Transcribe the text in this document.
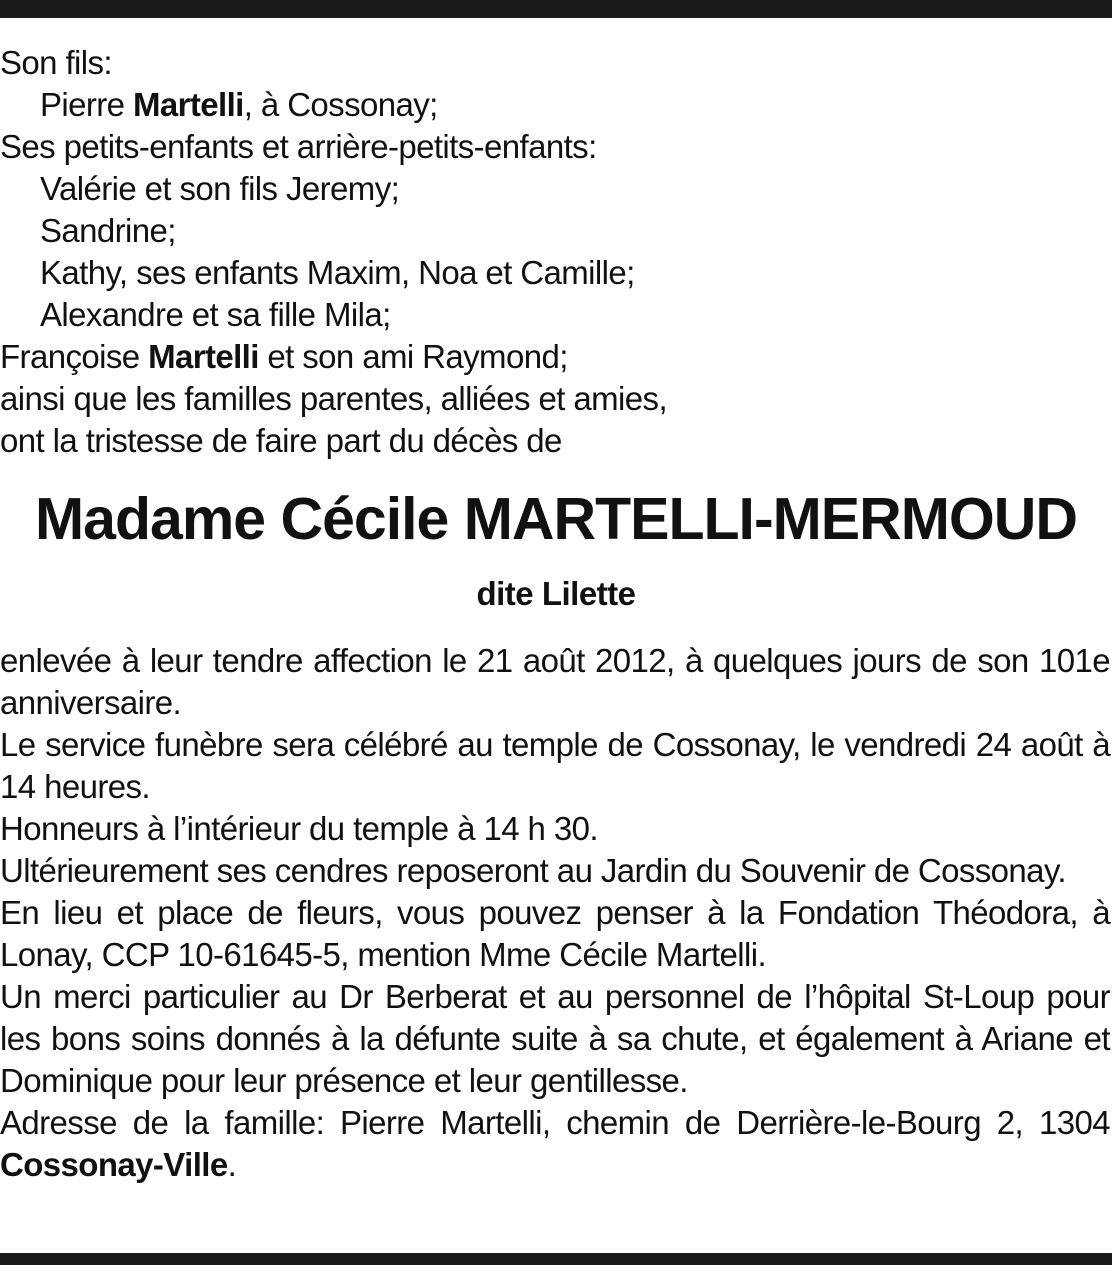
Son fils:
Pierre Martelli, à Cossonay;
Ses petits-enfants et arrière-petits-enfants:
Valérie et son fils Jeremy;
Sandrine;
Kathy, ses enfants Maxim, Noa et Camille;
Alexandre et sa fille Mila;
Françoise Martelli et son ami Raymond;
ainsi que les familles parentes, alliées et amies,
ont la tristesse de faire part du décès de
Madame Cécile MARTELLI-MERMOUD
dite Lilette

enlevée à leur tendre affection le 21 août 2012, à quelques jours de son 101e anniversaire.

Le service funèbre sera célébré au temple de Cossonay, le vendredi 24 août à 14 heures.

Honneurs à l’intérieur du temple à 14 h 30.

Ultérieurement ses cendres reposeront au Jardin du Souvenir de Cossonay.

En lieu et place de fleurs, vous pouvez penser à la Fondation Théodora, à Lonay, CCP 10-61645-5, mention Mme Cécile Martelli.

Un merci particulier au Dr Berberat et au personnel de l’hôpital St-Loup pour les bons soins donnés à la défunte suite à sa chute, et également à Ariane et Dominique pour leur présence et leur gentillesse.

Adresse de la famille: Pierre Martelli, chemin de Derrière-le-Bourg 2, 1304 Cossonay-Ville.
